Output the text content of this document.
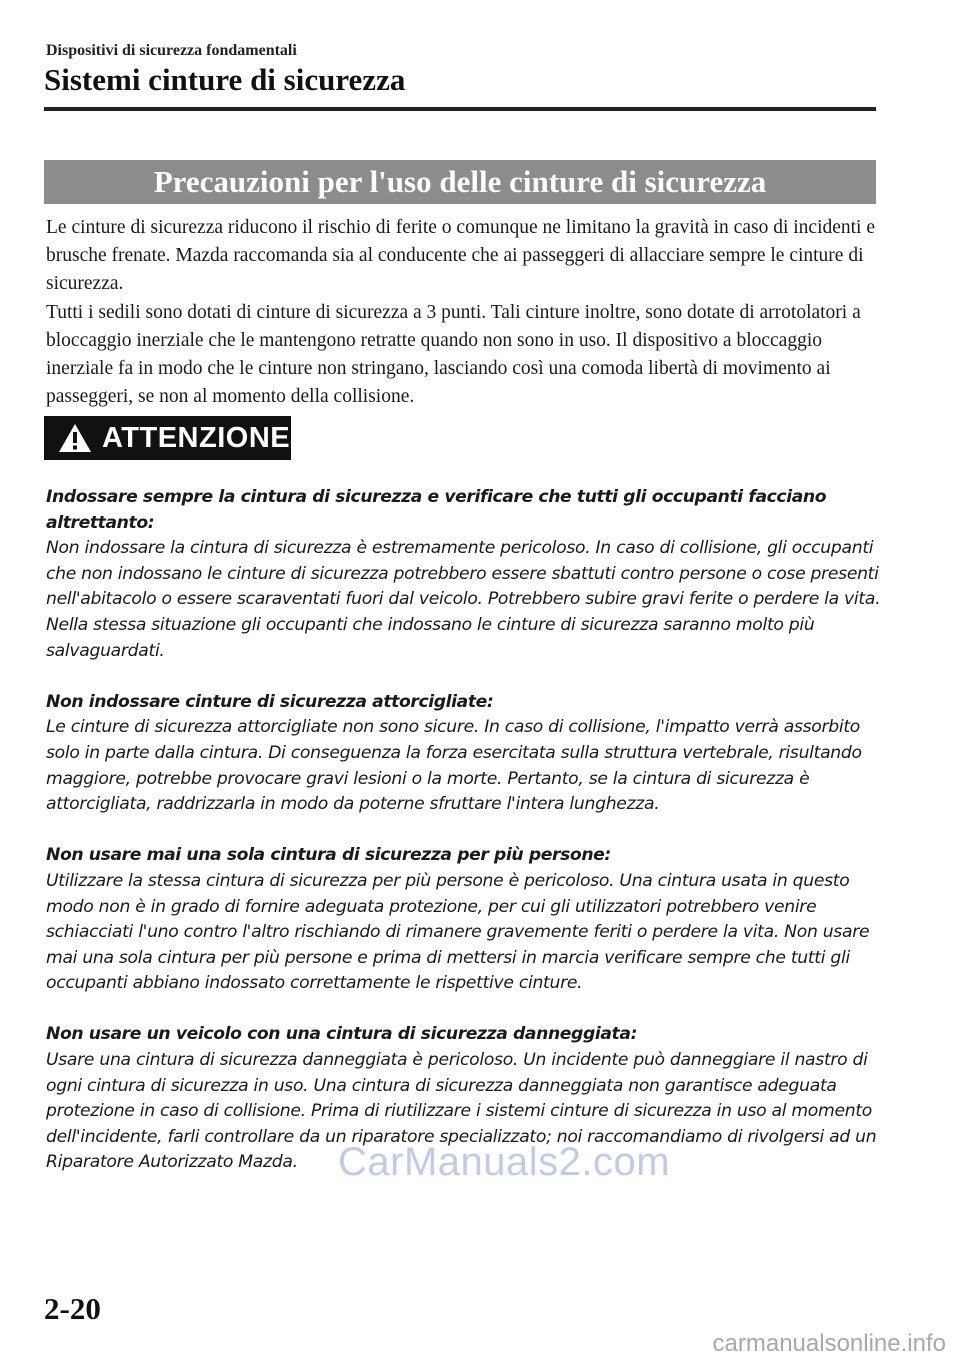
Dispositivi di sicurezza fondamentali
Sistemi cinture di sicurezza
Precauzioni per l'uso delle cinture di sicurezza

Le cinture di sicurezza riducono il rischio di ferite o comunque ne limitano la gravità in caso di incidenti e brusche frenate. Mazda raccomanda sia al conducente che ai passeggeri di allacciare sempre le cinture di sicurezza.

Tutti i sedili sono dotati di cinture di sicurezza a 3 punti. Tali cinture inoltre, sono dotate di arrotolatori a bloccaggio inerziale che le mantengono retratte quando non sono in uso. Il dispositivo a bloccaggio inerziale fa in modo che le cinture non stringano, lasciando così una comoda libertà di movimento ai passeggeri, se non al momento della collisione.

ATTENZIONE

Indossare sempre la cintura di sicurezza e verificare che tutti gli occupanti facciano altrettanto:

Non indossare la cintura di sicurezza è estremamente pericoloso. In caso di collisione, gli occupanti che non indossano le cinture di sicurezza potrebbero essere sbattuti contro persone o cose presenti nell'abitacolo o essere scaraventati fuori dal veicolo. Potrebbero subire gravi ferite o perdere la vita. Nella stessa situazione gli occupanti che indossano le cinture di sicurezza saranno molto più salvaguardati.

Non indossare cinture di sicurezza attorcigliate:

Le cinture di sicurezza attorcigliate non sono sicure. In caso di collisione, l'impatto verrà assorbito solo in parte dalla cintura. Di conseguenza la forza esercitata sulla struttura vertebrale, risultando maggiore, potrebbe provocare gravi lesioni o la morte. Pertanto, se la cintura di sicurezza è attorcigliata, raddrizzarla in modo da poterne sfruttare l'intera lunghezza.

Non usare mai una sola cintura di sicurezza per più persone:

Utilizzare la stessa cintura di sicurezza per più persone è pericoloso. Una cintura usata in questo modo non è in grado di fornire adeguata protezione, per cui gli utilizzatori potrebbero venire schiacciati l'uno contro l'altro rischiando di rimanere gravemente feriti o perdere la vita. Non usare mai una sola cintura per più persone e prima di mettersi in marcia verificare sempre che tutti gli occupanti abbiano indossato correttamente le rispettive cinture.

Non usare un veicolo con una cintura di sicurezza danneggiata:

Usare una cintura di sicurezza danneggiata è pericoloso. Un incidente può danneggiare il nastro di ogni cintura di sicurezza in uso. Una cintura di sicurezza danneggiata non garantisce adeguata protezione in caso di collisione. Prima di riutilizzare i sistemi cinture di sicurezza in uso al momento dell'incidente, farli controllare da un riparatore specializzato; noi raccomandiamo di rivolgersi ad un Riparatore Autorizzato Mazda.	CarManuals2.com
2-20
carmanualsonline.info
